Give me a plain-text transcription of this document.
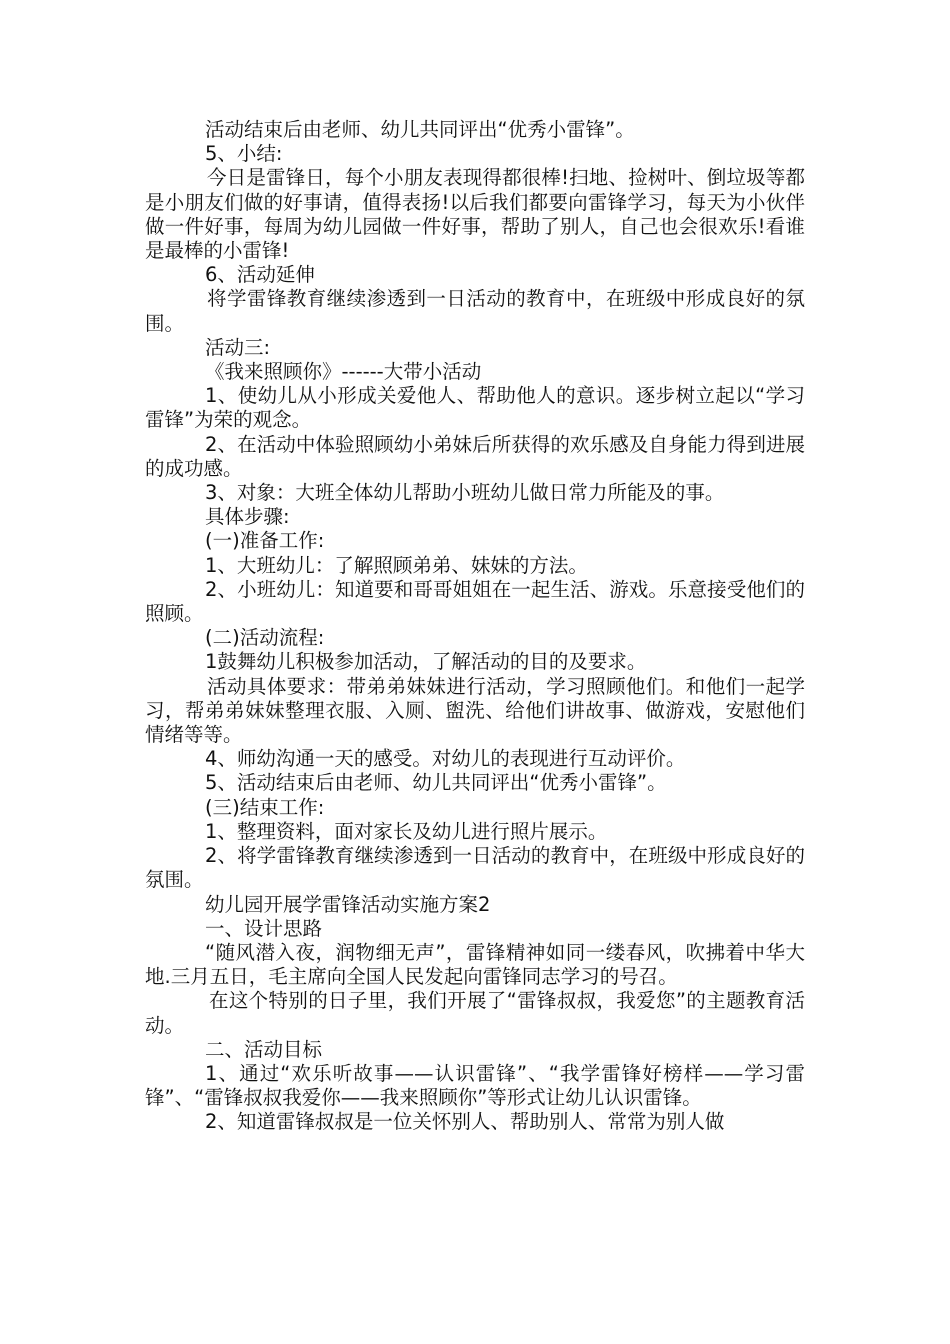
活动结束后由老师、幼儿共同评出“优秀小雷锋”。

5、小结:

今日是雷锋日，每个小朋友表现得都很棒!扫地、捡树叶、倒垃圾等都是小朋友们做的好事请，值得表扬!以后我们都要向雷锋学习，每天为小伙伴做一件好事，每周为幼儿园做一件好事，帮助了别人，自己也会很欢乐!看谁是最棒的小雷锋!

6、活动延伸

将学雷锋教育继续渗透到一日活动的教育中，在班级中形成良好的氛围。

活动三:

《我来照顾你》------大带小活动

1、使幼儿从小形成关爱他人、帮助他人的意识。逐步树立起以“学习雷锋”为荣的观念。

2、在活动中体验照顾幼小弟妹后所获得的欢乐感及自身能力得到进展的成功感。

3、对象：大班全体幼儿帮助小班幼儿做日常力所能及的事。

具体步骤:

(一)准备工作:

1、大班幼儿：了解照顾弟弟、妹妹的方法。

2、小班幼儿：知道要和哥哥姐姐在一起生活、游戏。乐意接受他们的照顾。

(二)活动流程:

1鼓舞幼儿积极参加活动，了解活动的目的及要求。

活动具体要求：带弟弟妹妹进行活动，学习照顾他们。和他们一起学习，帮弟弟妹妹整理衣服、入厕、盥洗、给他们讲故事、做游戏，安慰他们情绪等等。

4、师幼沟通一天的感受。对幼儿的表现进行互动评价。

5、活动结束后由老师、幼儿共同评出“优秀小雷锋”。

(三)结束工作:

1、整理资料，面对家长及幼儿进行照片展示。

2、将学雷锋教育继续渗透到一日活动的教育中，在班级中形成良好的氛围。

幼儿园开展学雷锋活动实施方案2

一、设计思路

“随风潜入夜，润物细无声”，雷锋精神如同一缕春风，吹拂着中华大地.三月五日，毛主席向全国人民发起向雷锋同志学习的号召。

在这个特别的日子里，我们开展了“雷锋叔叔，我爱您”的主题教育活动。

二、活动目标

1、通过“欢乐听故事——认识雷锋”、“我学雷锋好榜样——学习雷锋”、“雷锋叔叔我爱你——我来照顾你”等形式让幼儿认识雷锋。

2、知道雷锋叔叔是一位关怀别人、帮助别人、常常为别人做
